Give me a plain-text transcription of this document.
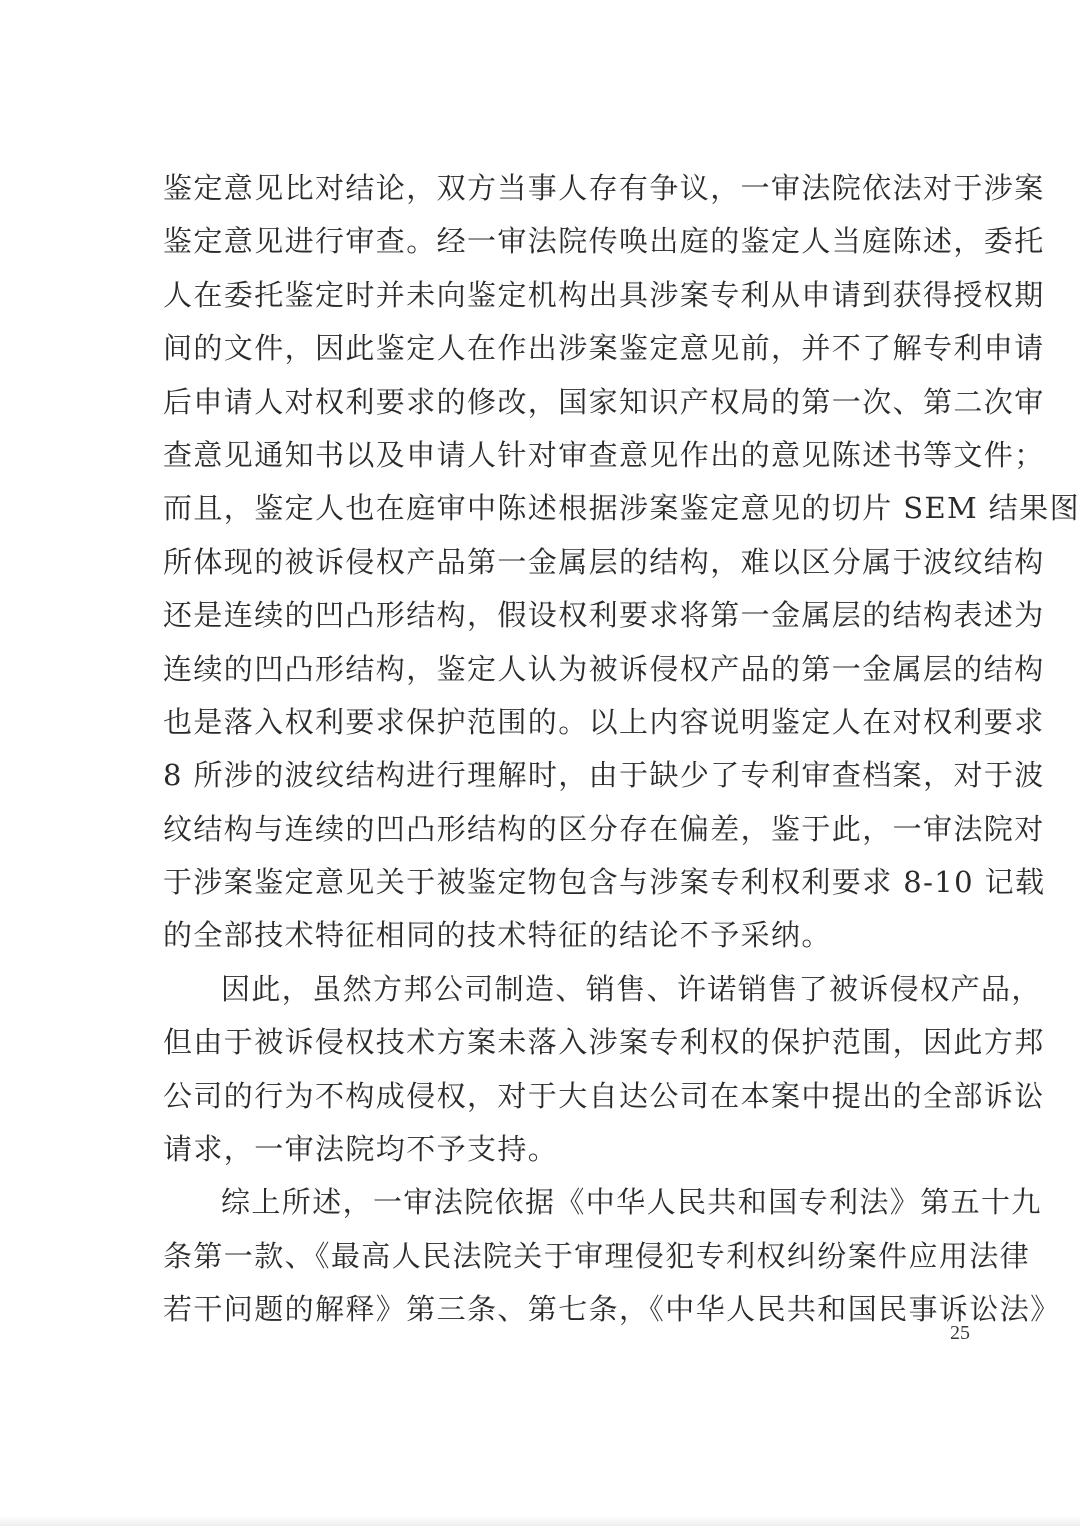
鉴定意见比对结论，双方当事人存有争议，一审法院依法对于涉案
鉴定意见进行审查。经一审法院传唤出庭的鉴定人当庭陈述，委托
人在委托鉴定时并未向鉴定机构出具涉案专利从申请到获得授权期
间的文件，因此鉴定人在作出涉案鉴定意见前，并不了解专利申请
后申请人对权利要求的修改，国家知识产权局的第一次、第二次审
查意见通知书以及申请人针对审查意见作出的意见陈述书等文件；
而且，鉴定人也在庭审中陈述根据涉案鉴定意见的切片 SEM 结果图
所体现的被诉侵权产品第一金属层的结构，难以区分属于波纹结构
还是连续的凹凸形结构，假设权利要求将第一金属层的结构表述为
连续的凹凸形结构，鉴定人认为被诉侵权产品的第一金属层的结构
也是落入权利要求保护范围的。以上内容说明鉴定人在对权利要求
8 所涉的波纹结构进行理解时，由于缺少了专利审查档案，对于波
纹结构与连续的凹凸形结构的区分存在偏差，鉴于此，一审法院对
于涉案鉴定意见关于被鉴定物包含与涉案专利权利要求 8-10 记载
的全部技术特征相同的技术特征的结论不予采纳。
因此，虽然方邦公司制造、销售、许诺销售了被诉侵权产品，
但由于被诉侵权技术方案未落入涉案专利权的保护范围，因此方邦
公司的行为不构成侵权，对于大自达公司在本案中提出的全部诉讼
请求，一审法院均不予支持。
综上所述，一审法院依据《中华人民共和国专利法》第五十九
条第一款、《最高人民法院关于审理侵犯专利权纠纷案件应用法律
若干问题的解释》第三条、第七条，《中华人民共和国民事诉讼法》
25
